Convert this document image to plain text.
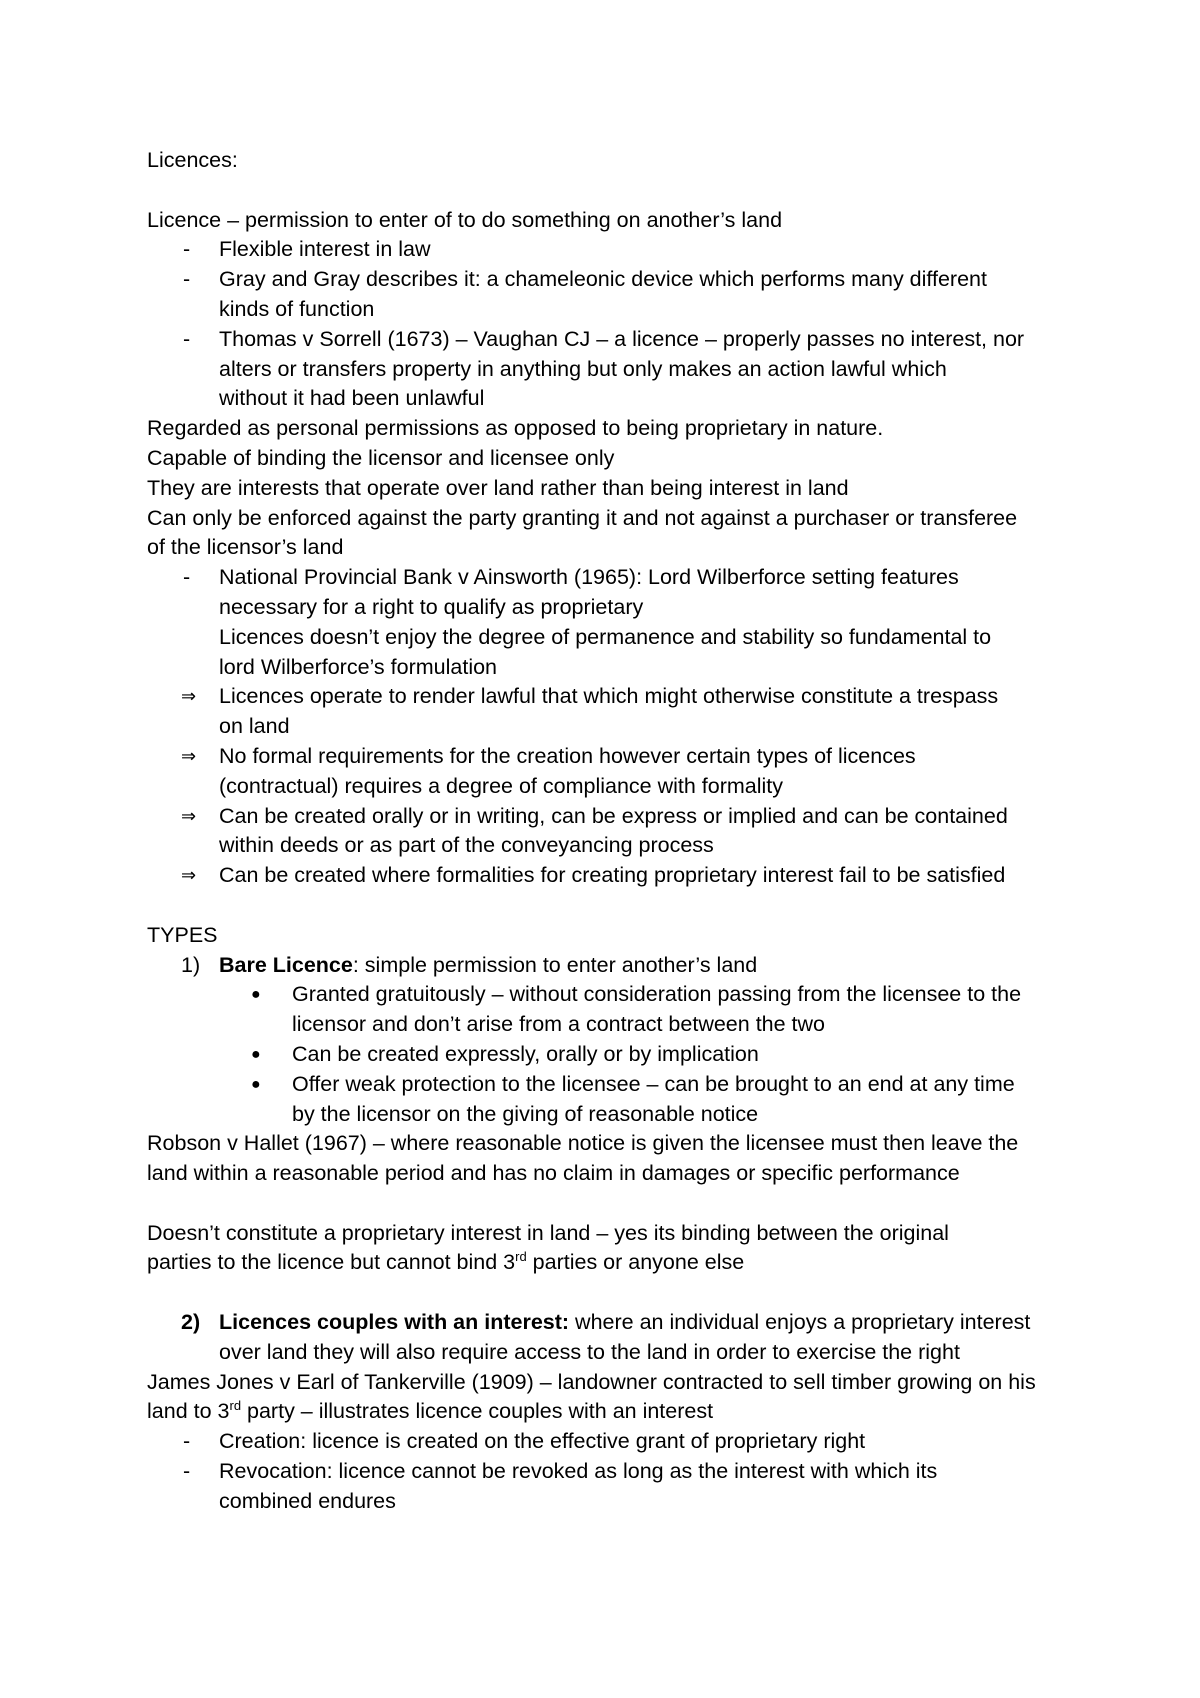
Licences:
Licence – permission to enter of to do something on another’s land
- Flexible interest in law
- Gray and Gray describes it: a chameleonic device which performs many different
kinds of function
- Thomas v Sorrell (1673) – Vaughan CJ – a licence – properly passes no interest, nor
alters or transfers property in anything but only makes an action lawful which
without it had been unlawful
Regarded as personal permissions as opposed to being proprietary in nature.
Capable of binding the licensor and licensee only
They are interests that operate over land rather than being interest in land
Can only be enforced against the party granting it and not against a purchaser or transferee
of the licensor’s land
- National Provincial Bank v Ainsworth (1965): Lord Wilberforce setting features
necessary for a right to qualify as proprietary
Licences doesn’t enjoy the degree of permanence and stability so fundamental to
lord Wilberforce’s formulation
⇒ Licences operate to render lawful that which might otherwise constitute a trespass
on land
⇒ No formal requirements for the creation however certain types of licences
(contractual) requires a degree of compliance with formality
⇒ Can be created orally or in writing, can be express or implied and can be contained
within deeds or as part of the conveyancing process
⇒ Can be created where formalities for creating proprietary interest fail to be satisfied
TYPES
1) Bare Licence: simple permission to enter another’s land
● Granted gratuitously – without consideration passing from the licensee to the licensor and don’t arise from a contract between the two
● Can be created expressly, orally or by implication
● Offer weak protection to the licensee – can be brought to an end at any time by the licensor on the giving of reasonable notice
Robson v Hallet (1967) – where reasonable notice is given the licensee must then leave the
land within a reasonable period and has no claim in damages or specific performance
Doesn’t constitute a proprietary interest in land – yes its binding between the original
parties to the licence but cannot bind 3rd parties or anyone else
2) Licences couples with an interest: where an individual enjoys a proprietary interest
over land they will also require access to the land in order to exercise the right
James Jones v Earl of Tankerville (1909) – landowner contracted to sell timber growing on his
land to 3rd party – illustrates licence couples with an interest
- Creation: licence is created on the effective grant of proprietary right
- Revocation: licence cannot be revoked as long as the interest with which its
combined endures
